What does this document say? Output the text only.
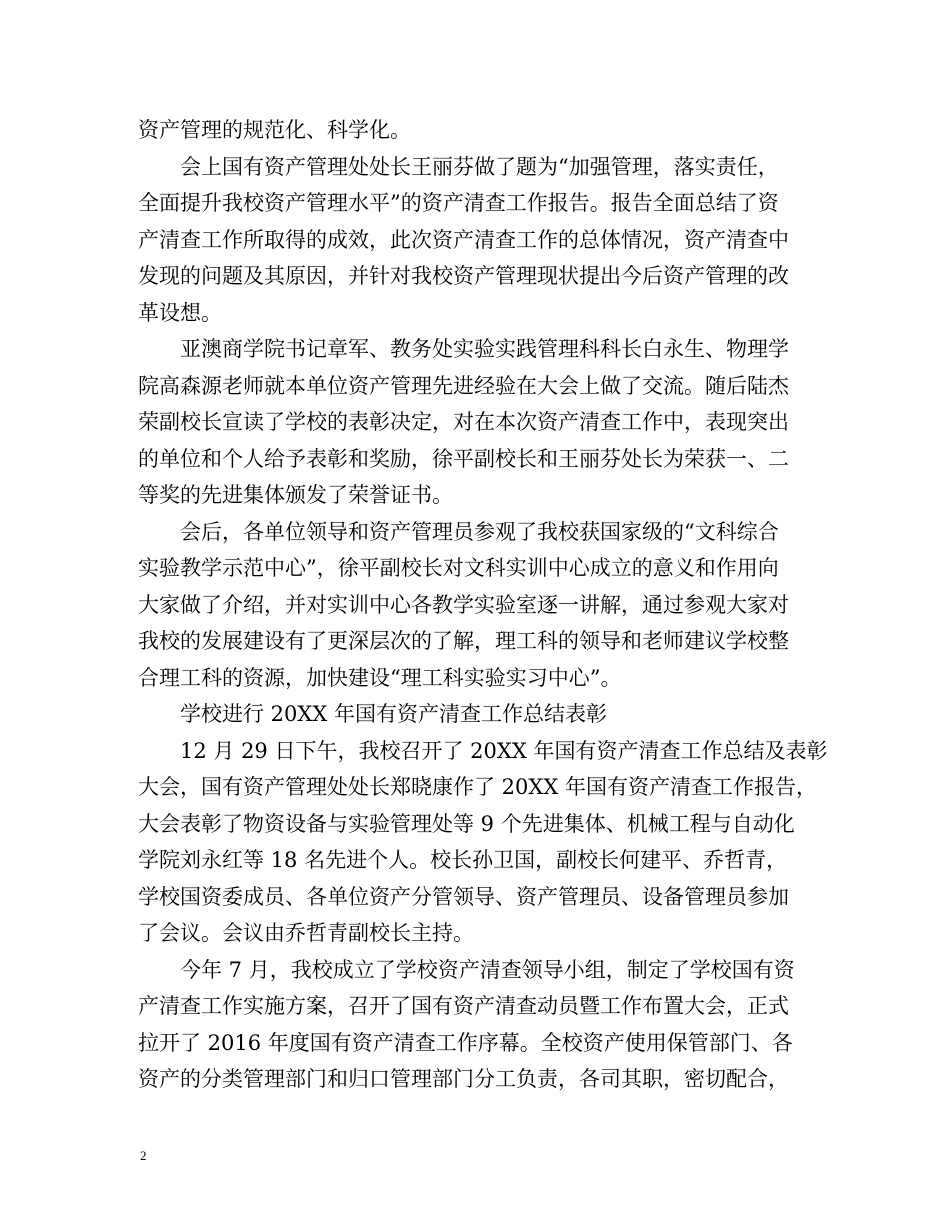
资产管理的规范化、科学化。
　　会上国有资产管理处处长王丽芬做了题为“加强管理，落实责任，
全面提升我校资产管理水平”的资产清查工作报告。报告全面总结了资
产清查工作所取得的成效，此次资产清查工作的总体情况，资产清查中
发现的问题及其原因，并针对我校资产管理现状提出今后资产管理的改
革设想。
　　亚澳商学院书记章军、教务处实验实践管理科科长白永生、物理学
院高森源老师就本单位资产管理先进经验在大会上做了交流。随后陆杰
荣副校长宣读了学校的表彰决定，对在本次资产清查工作中，表现突出
的单位和个人给予表彰和奖励，徐平副校长和王丽芬处长为荣获一、二
等奖的先进集体颁发了荣誉证书。
　　会后，各单位领导和资产管理员参观了我校获国家级的“文科综合
实验教学示范中心”，徐平副校长对文科实训中心成立的意义和作用向
大家做了介绍，并对实训中心各教学实验室逐一讲解，通过参观大家对
我校的发展建设有了更深层次的了解，理工科的领导和老师建议学校整
合理工科的资源，加快建设“理工科实验实习中心”。
　　学校进行 20XX 年国有资产清查工作总结表彰
　　12 月 29 日下午，我校召开了 20XX 年国有资产清查工作总结及表彰
大会，国有资产管理处处长郑晓康作了 20XX 年国有资产清查工作报告，
大会表彰了物资设备与实验管理处等 9 个先进集体、机械工程与自动化
学院刘永红等 18 名先进个人。校长孙卫国，副校长何建平、乔哲青，
学校国资委成员、各单位资产分管领导、资产管理员、设备管理员参加
了会议。会议由乔哲青副校长主持。
　　今年 7 月，我校成立了学校资产清查领导小组，制定了学校国有资
产清查工作实施方案，召开了国有资产清查动员暨工作布置大会，正式
拉开了 2016 年度国有资产清查工作序幕。全校资产使用保管部门、各
资产的分类管理部门和归口管理部门分工负责，各司其职，密切配合，
2
